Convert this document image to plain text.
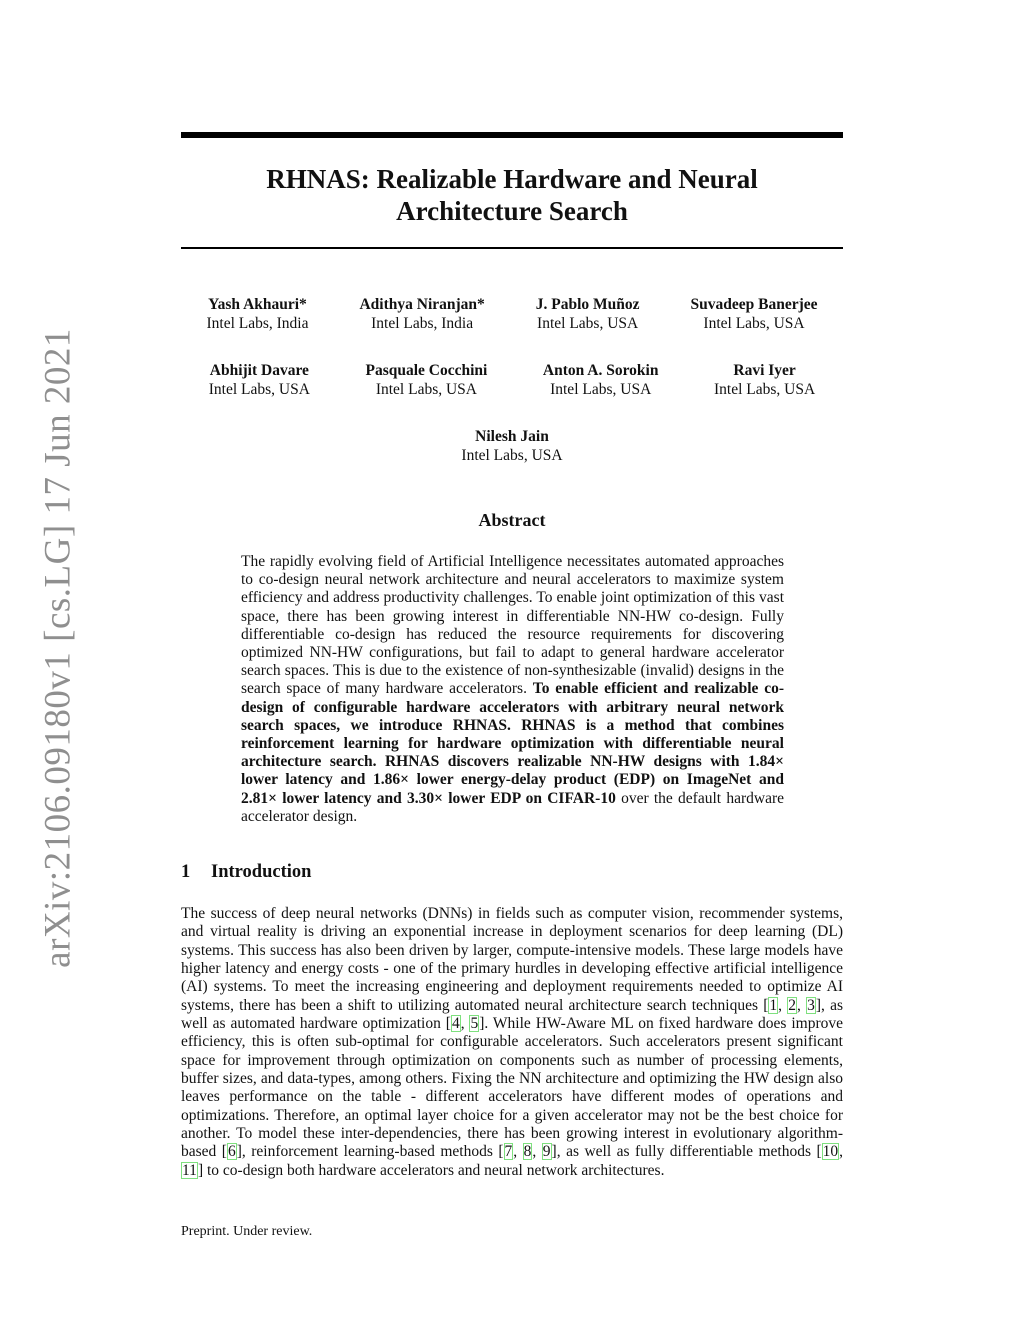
arXiv:2106.09180v1 [cs.LG] 17 Jun 2021
RHNAS: Realizable Hardware and Neural
Architecture Search
Yash Akhauri*
Intel Labs, India
Adithya Niranjan*
Intel Labs, India
J. Pablo Muñoz
Intel Labs, USA
Suvadeep Banerjee
Intel Labs, USA
Abhijit Davare
Intel Labs, USA
Pasquale Cocchini
Intel Labs, USA
Anton A. Sorokin
Intel Labs, USA
Ravi Iyer
Intel Labs, USA
Nilesh Jain
Intel Labs, USA
Abstract

The rapidly evolving field of Artificial Intelligence necessitates automated approaches to co-design neural network architecture and neural accelerators to maximize system efficiency and address productivity challenges. To enable joint optimization of this vast space, there has been growing interest in differentiable NN-HW co-design. Fully differentiable co-design has reduced the resource requirements for discovering optimized NN-HW configurations, but fail to adapt to general hardware accelerator search spaces. This is due to the existence of non-synthesizable (invalid) designs in the search space of many hardware accelerators. To enable efficient and realizable co-design of configurable hardware accelerators with arbitrary neural network search spaces, we introduce RHNAS. RHNAS is a method that combines reinforcement learning for hardware optimization with differentiable neural architecture search. RHNAS discovers realizable NN-HW designs with 1.84× lower latency and 1.86× lower energy-delay product (EDP) on ImageNet and 2.81× lower latency and 3.30× lower EDP on CIFAR-10 over the default hardware accelerator design.

1 Introduction

The success of deep neural networks (DNNs) in fields such as computer vision, recommender systems, and virtual reality is driving an exponential increase in deployment scenarios for deep learning (DL) systems. This success has also been driven by larger, compute-intensive models. These large models have higher latency and energy costs - one of the primary hurdles in developing effective artificial intelligence (AI) systems. To meet the increasing engineering and deployment requirements needed to optimize AI systems, there has been a shift to utilizing automated neural architecture search techniques [1, 2, 3], as well as automated hardware optimization [4, 5]. While HW-Aware ML on fixed hardware does improve efficiency, this is often sub-optimal for configurable accelerators. Such accelerators present significant space for improvement through optimization on components such as number of processing elements, buffer sizes, and data-types, among others. Fixing the NN architecture and optimizing the HW design also leaves performance on the table - different accelerators have different modes of operations and optimizations. Therefore, an optimal layer choice for a given accelerator may not be the best choice for another. To model these inter-dependencies, there has been growing interest in evolutionary algorithm-based [6], reinforcement learning-based methods [7, 8, 9], as well as fully differentiable methods [10, 11] to co-design both hardware accelerators and neural network architectures.

Preprint. Under review.
